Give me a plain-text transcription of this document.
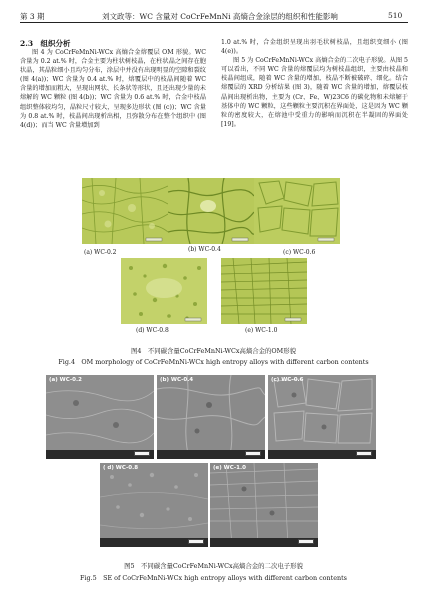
第 3 期	刘文政等：WC 含量对 CoCrFeMnNi 高熵合金涂层的组织和性能影响	510
2.3　组织分析

图 4 为 CoCrFeMnNi-WCx 高熵合金熔覆层 OM 形貌。WC 含量为 0.2 at.% 时，合金主要为柱状树枝晶，在柱状晶之间存在胞状晶，其晶粒细小且均匀分布，涂层中并没有出现明显的空隙和裂纹 (图 4(a))；WC 含量为 0.4 at.% 时，熔覆层中的枝晶间随着 WC 含量的增加而粗大，呈现出网状、长条状等形状，且还出现少量的未熔解的 WC 颗粒 (图 4(b))；WC 含量为 0.6 at.% 时，合金中枝晶组织整体较均匀，晶粒尺寸较大，呈现多边形状 (图 (c))；WC 含量为 0.8 at.% 时，枝晶间出现析出相，且弥散分布在整个组织中 (图 4(d))；而当 WC 含量增加到

1.0 at.% 时，合金组织呈现出羽毛状树枝晶，且组织变细小 (图 4(e))。

图 5 为 CoCrFeMnNi-WCx 高熵合金的二次电子形貌。从图 5 可以看出，不同 WC 含量的熔覆层均为树枝晶组织，主要由枝晶和枝晶间组成，随着 WC 含量的增加，枝晶不断被破碎、细化。结合熔覆层的 XRD 分析结果 (图 3)，随着 WC 含量的增加，熔覆层枝晶间出现析出物，主要为 (Cr、Fe、W)23C6 的碳化物和未熔解于基体中的 WC 颗粒，这些颗粒主要沉积在界面处，这是因为 WC 颗粒的密度较大，在熔池中受重力的影响而沉积在半凝固的界面处 [19]。

(a) WC-0.2	(b) WC-0.4	(c) WC-0.6
(d) WC-0.8	(e) WC-1.0
图4　不同碳含量CoCrFeMnNi-WCx高熵合金的OM形貌
Fig.4　OM morphology of CoCrFeMnNi-WCx high entropy alloys with different carbon contents
(a) WC-0.2	(b) WC-0.4	(c) WC-0.6
( d) WC-0.8	(e) WC-1.0
图5　不同碳含量CoCrFeMnNi-WCx高熵合金的二次电子形貌
Fig.5　SE of CoCrFeMnNi-WCx high entropy alloys with different carbon contents
